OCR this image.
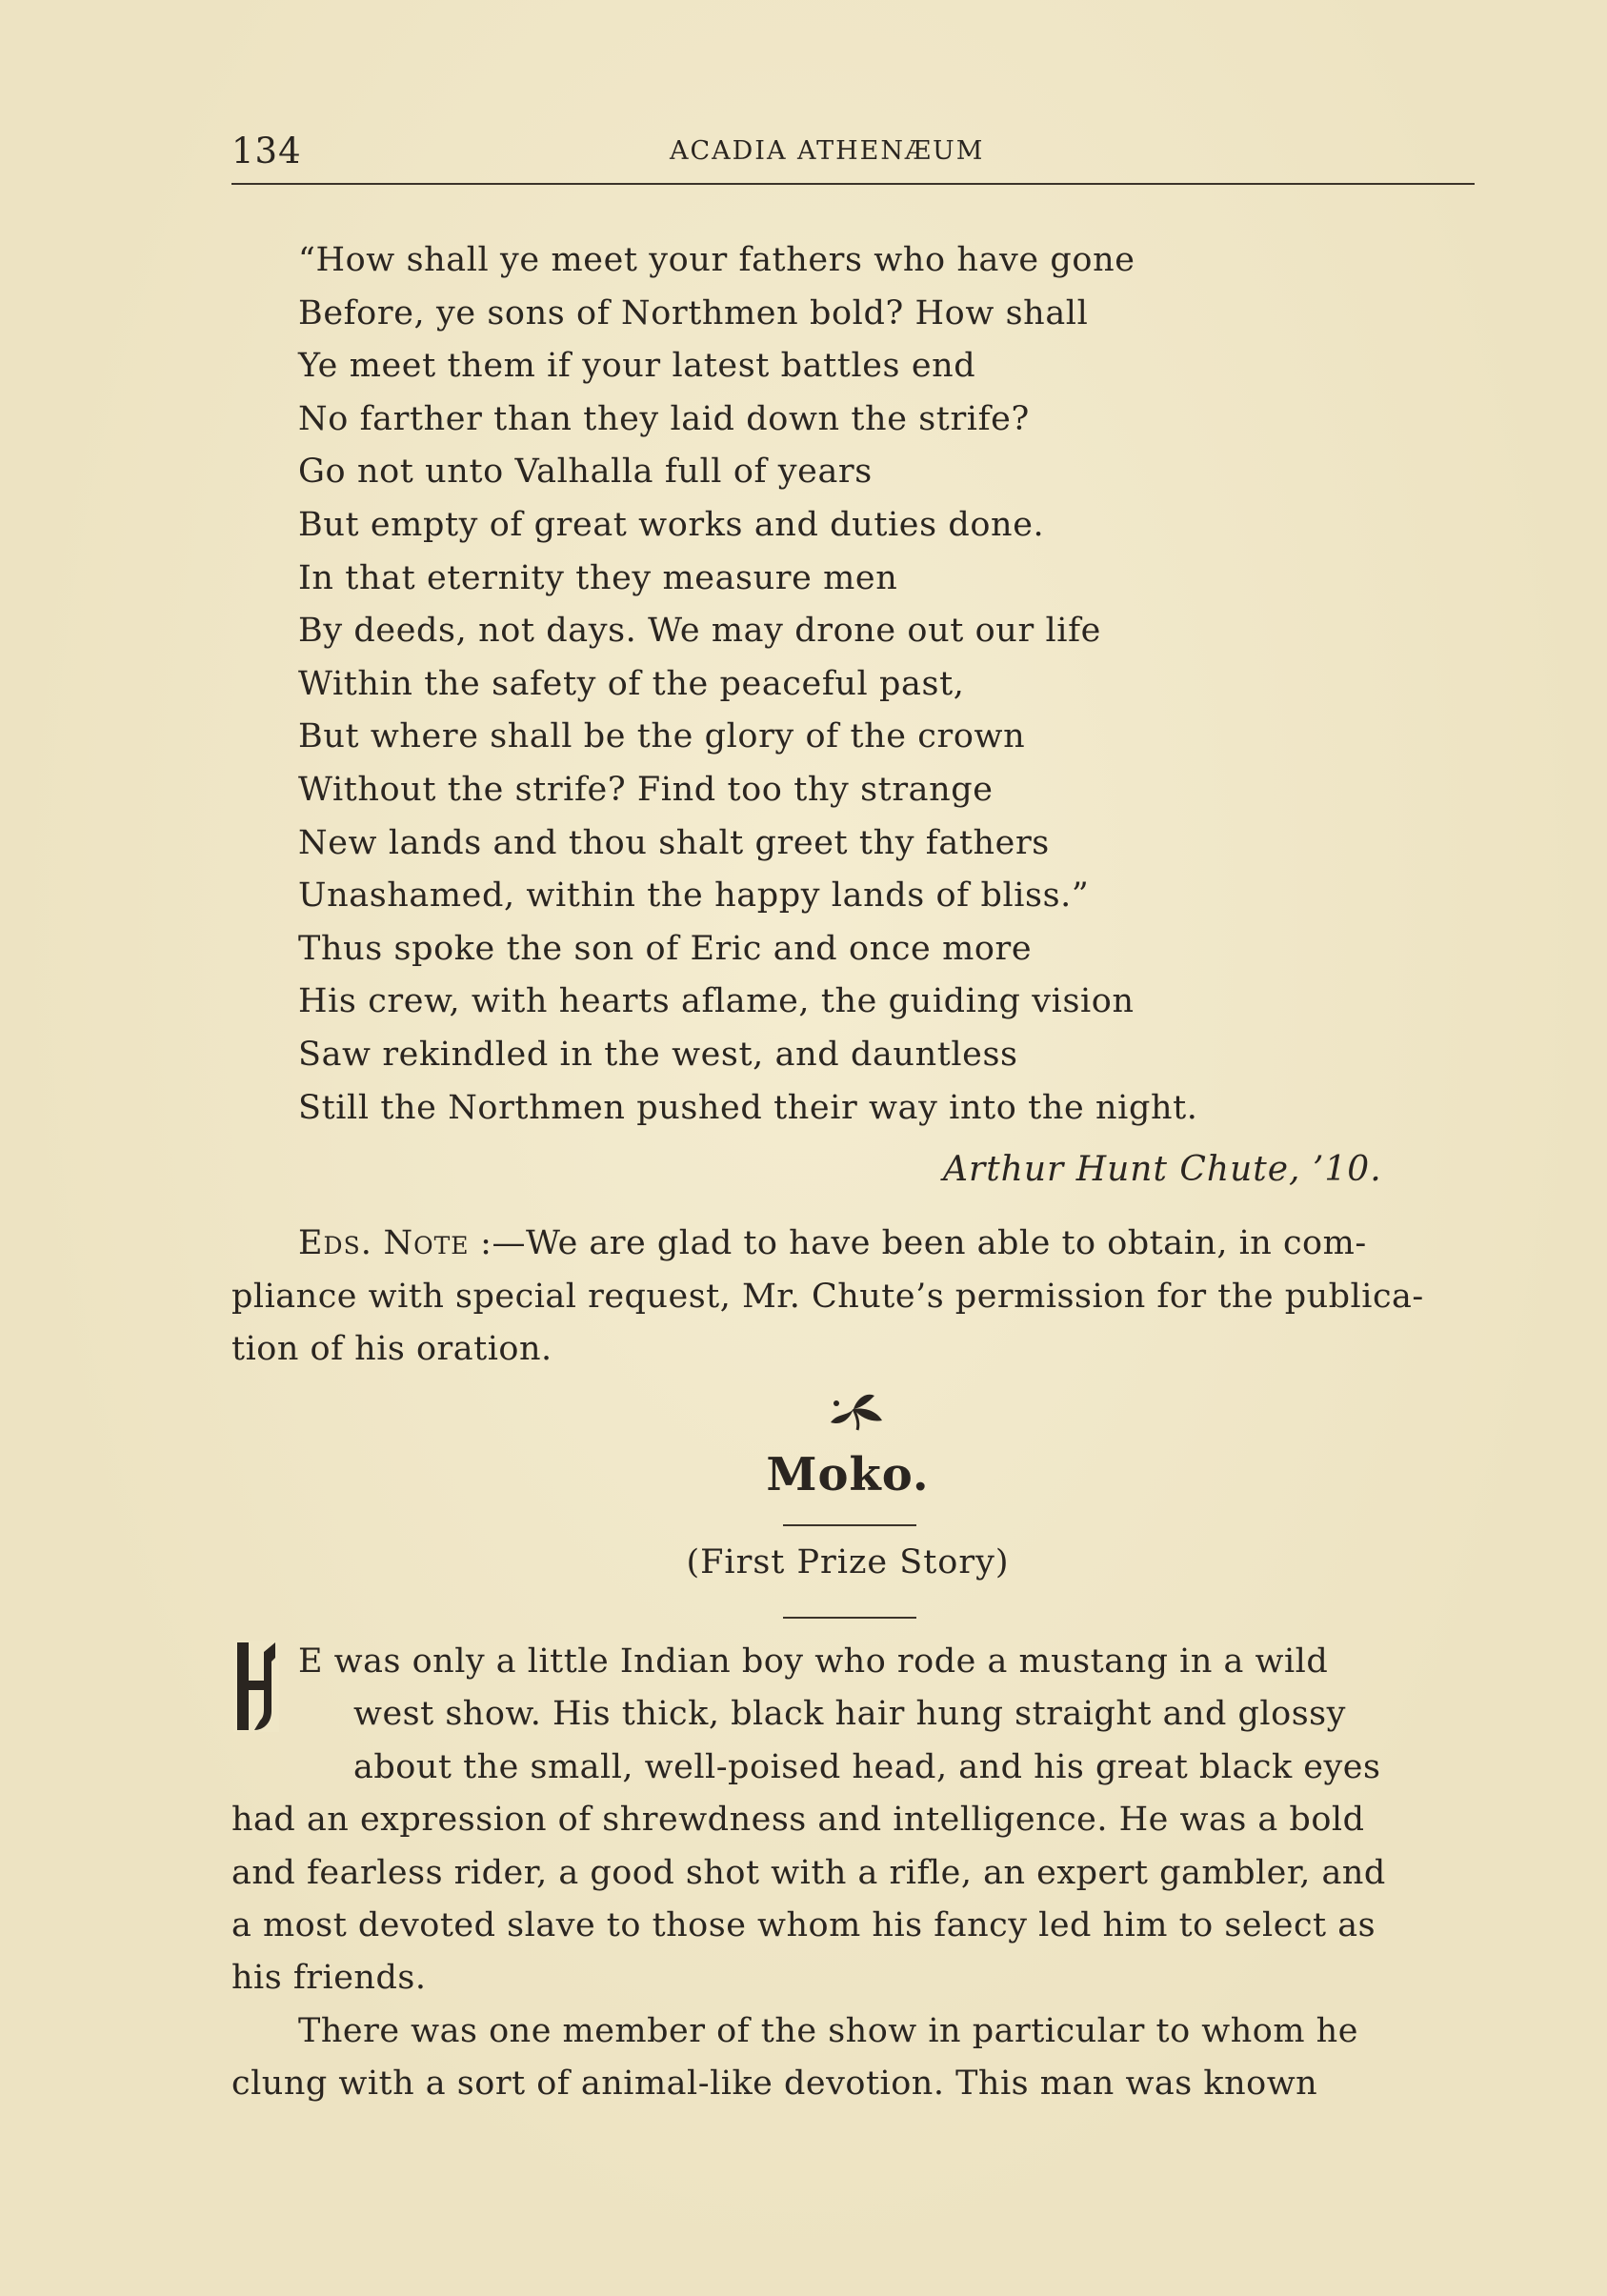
134	ACADIA ATHENÆUM
“How shall ye meet your fathers who have gone
Before, ye sons of Northmen bold? How shall
Ye meet them if your latest battles end
No farther than they laid down the strife?
Go not unto Valhalla full of years
But empty of great works and duties done.
In that eternity they measure men
By deeds, not days. We may drone out our life
Within the safety of the peaceful past,
But where shall be the glory of the crown
Without the strife? Find too thy strange
New lands and thou shalt greet thy fathers
Unashamed, within the happy lands of bliss.”
Thus spoke the son of Eric and once more
His crew, with hearts aflame, the guiding vision
Saw rekindled in the west, and dauntless
Still the Northmen pushed their way into the night.
Arthur Hunt Chute, ’10.
Eds. Note :—We are glad to have been able to obtain, in com-
pliance with special request, Mr. Chute’s permission for the publica-
tion of his oration.
Moko.
(First Prize Story)
H
E was only a little Indian boy who rode a mustang in a wild
west show. His thick, black hair hung straight and glossy
about the small, well-poised head, and his great black eyes
had an expression of shrewdness and intelligence. He was a bold
and fearless rider, a good shot with a rifle, an expert gambler, and
a most devoted slave to those whom his fancy led him to select as
his friends.
There was one member of the show in particular to whom he
clung with a sort of animal-like devotion. This man was known
